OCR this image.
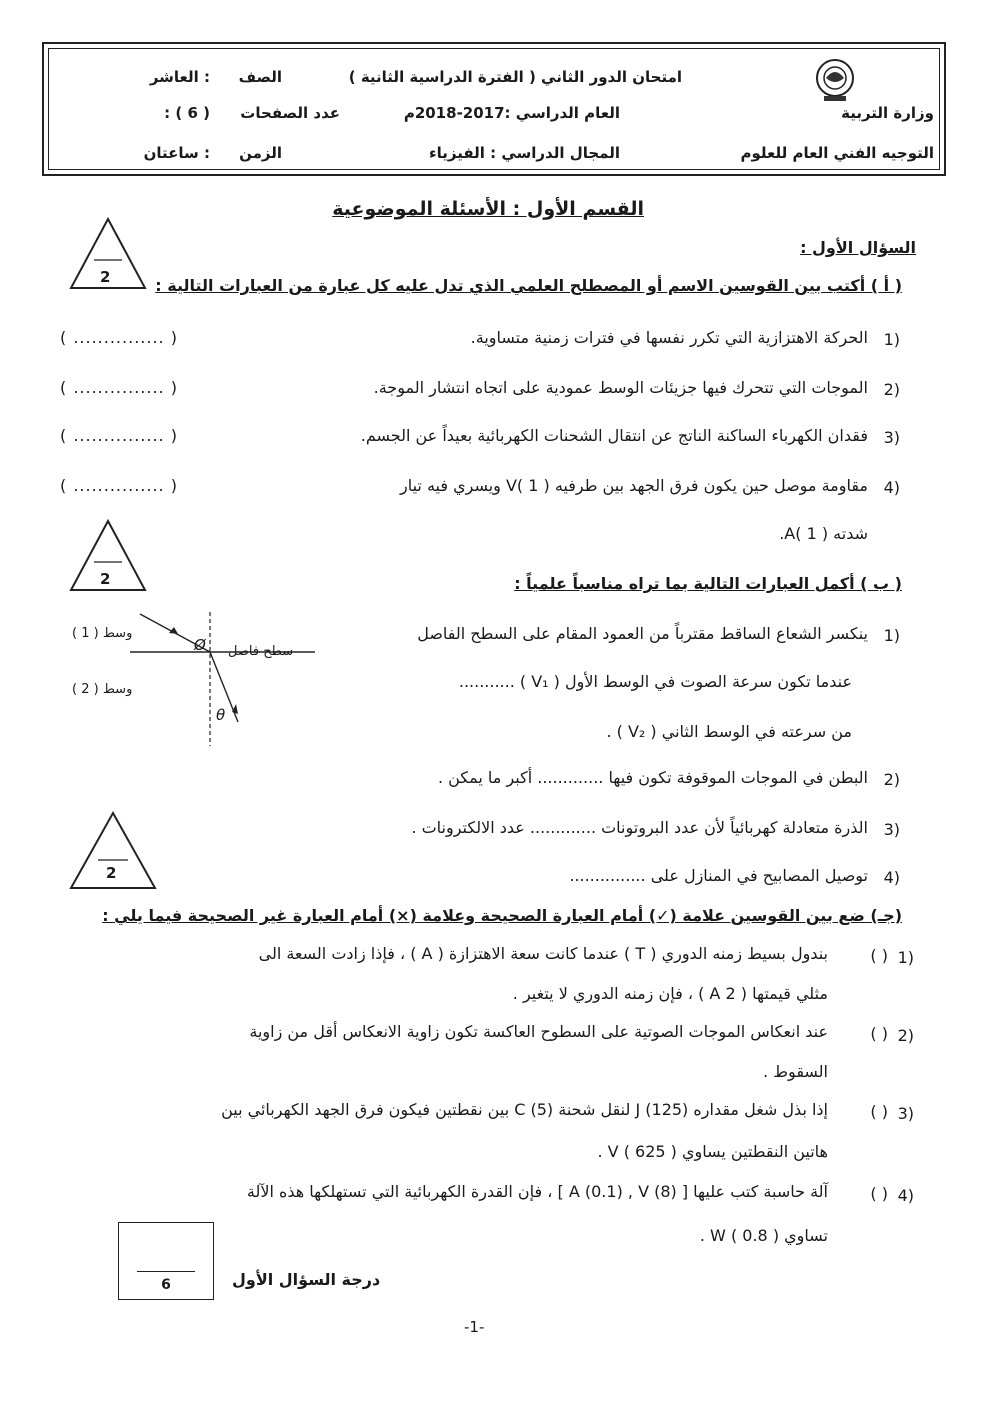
وزارة التربية
التوجيه الفني العام للعلوم
امتحان الدور الثاني ( الفترة الدراسية الثانية )
العام الدراسي :2017-2018م
المجال الدراسي : الفيزياء
الصف
: العاشر
عدد الصفحات
: ( 6 )
الزمن
: ساعتان
القسم الأول : الأسئلة الموضوعية
2
السؤال الأول :
( أ ) أكتب بين القوسين الاسم أو المصطلح العلمي الذي تدل عليه كل عبارة من العبارات التالية :
1)
الحركة الاهتزازية التي تكرر نفسها في فترات زمنية متساوية.
( ............... )
2)
الموجات التي تتحرك فيها جزيئات الوسط عمودية على اتجاه انتشار الموجة.
( ............... )
3)
فقدان الكهرباء الساكنة الناتج عن انتقال الشحنات الكهربائية بعيداً عن الجسم.
( ............... )
4)
مقاومة موصل حين يكون فرق الجهد بين طرفيه V( 1 ) ويسري فيه تيار
( ............... )
شدته A( 1 ).
2	( ب ) أكمل العبارات التالية بما تراه مناسباً علمياً :
1)
ينكسر الشعاع الساقط مقترباً من العمود المقام على السطح الفاصل
عندما تكون سرعة الصوت في الوسط الأول ( V₁ ) ...........
من سرعته في الوسط الثاني ( V₂ ) .
وسط ( 1 )
وسط ( 2 )
سطح فاصل
Ø
θ
2)
البطن في الموجات الموقوفة تكون فيها ............. أكبر ما يمكن .
3)
الذرة متعادلة كهربائياً لأن عدد البروتونات ............. عدد الالكترونات .
4)
توصيل المصابيح في المنازل على ...............
2
(جـ) ضع بين القوسين علامة (✓) أمام العبارة الصحيحة وعلامة (×) أمام العبارة غير الصحيحة فيما يلي :
1)
( )
بندول بسيط زمنه الدوري ( T ) عندما كانت سعة الاهتزازة ( A ) ، فإذا زادت السعة الى
مثلي قيمتها ( 2 A ) ، فإن زمنه الدوري لا يتغير .
2)
( )
عند انعكاس الموجات الصوتية على السطوح العاكسة تكون زاوية الانعكاس أقل من زاوية
السقوط .
3)
( )
إذا بذل شغل مقداره J (125) لنقل شحنة C (5) بين نقطتين فيكون فرق الجهد الكهربائي بين
هاتين النقطتين يساوي V ( 625 ) .
4)
( )
آلة حاسبة كتب عليها [ A (0.1) , V (8) ] ، فإن القدرة الكهربائية التي تستهلكها هذه الآلة
تساوي W ( 0.8 ) .
6	درجة السؤال الأول
-1-
